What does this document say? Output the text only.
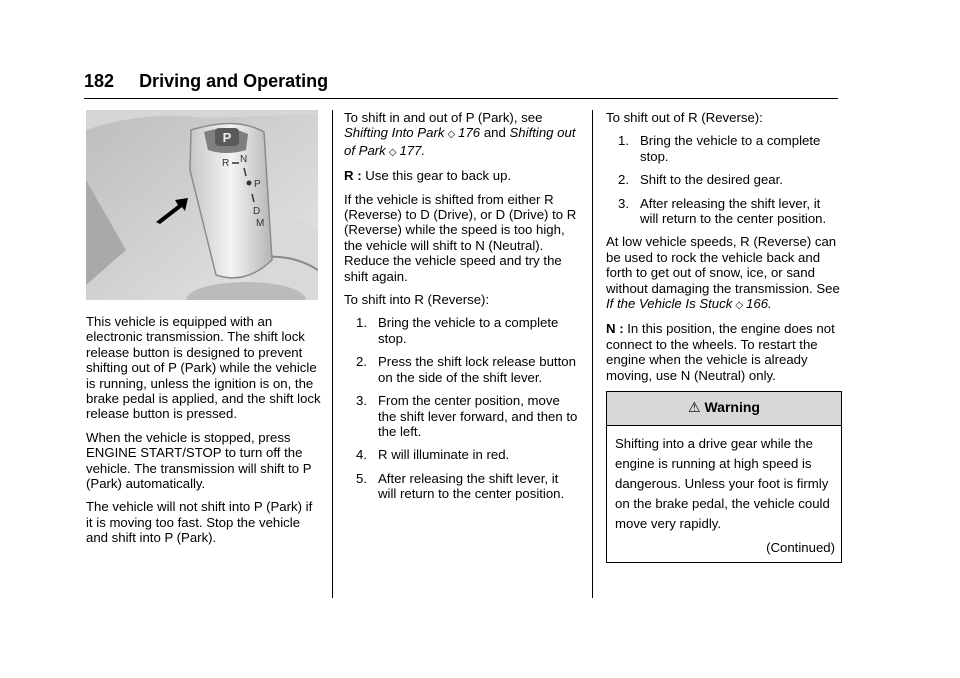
182 Driving and Operating
P
R N
P
D
M

This vehicle is equipped with an electronic transmission. The shift lock release button is designed to prevent shifting out of P (Park) while the vehicle is running, unless the ignition is on, the brake pedal is applied, and the shift lock release button is pressed.

When the vehicle is stopped, press ENGINE START/STOP to turn off the vehicle. The transmission will shift to P (Park) automatically.

The vehicle will not shift into P (Park) if it is moving too fast. Stop the vehicle and shift into P (Park).

To shift in and out of P (Park), see Shifting Into Park ◇ 176 and Shifting out of Park ◇ 177.

R : Use this gear to back up.

If the vehicle is shifted from either R (Reverse) to D (Drive), or D (Drive) to R (Reverse) while the speed is too high, the vehicle will shift to N (Neutral). Reduce the vehicle speed and try the shift again.

To shift into R (Reverse):

1. Bring the vehicle to a complete stop.
2. Press the shift lock release button on the side of the shift lever.
3. From the center position, move the shift lever forward, and then to the left.
4. R will illuminate in red.
5. After releasing the shift lever, it will return to the center position.

To shift out of R (Reverse):

1. Bring the vehicle to a complete stop.
2. Shift to the desired gear.
3. After releasing the shift lever, it will return to the center position.

At low vehicle speeds, R (Reverse) can be used to rock the vehicle back and forth to get out of snow, ice, or sand without damaging the transmission. See If the Vehicle Is Stuck ◇ 166.

N : In this position, the engine does not connect to the wheels. To restart the engine when the vehicle is already moving, use N (Neutral) only.

⚠ Warning
Shifting into a drive gear while the engine is running at high speed is dangerous. Unless your foot is firmly on the brake pedal, the vehicle could move very rapidly.
(Continued)
